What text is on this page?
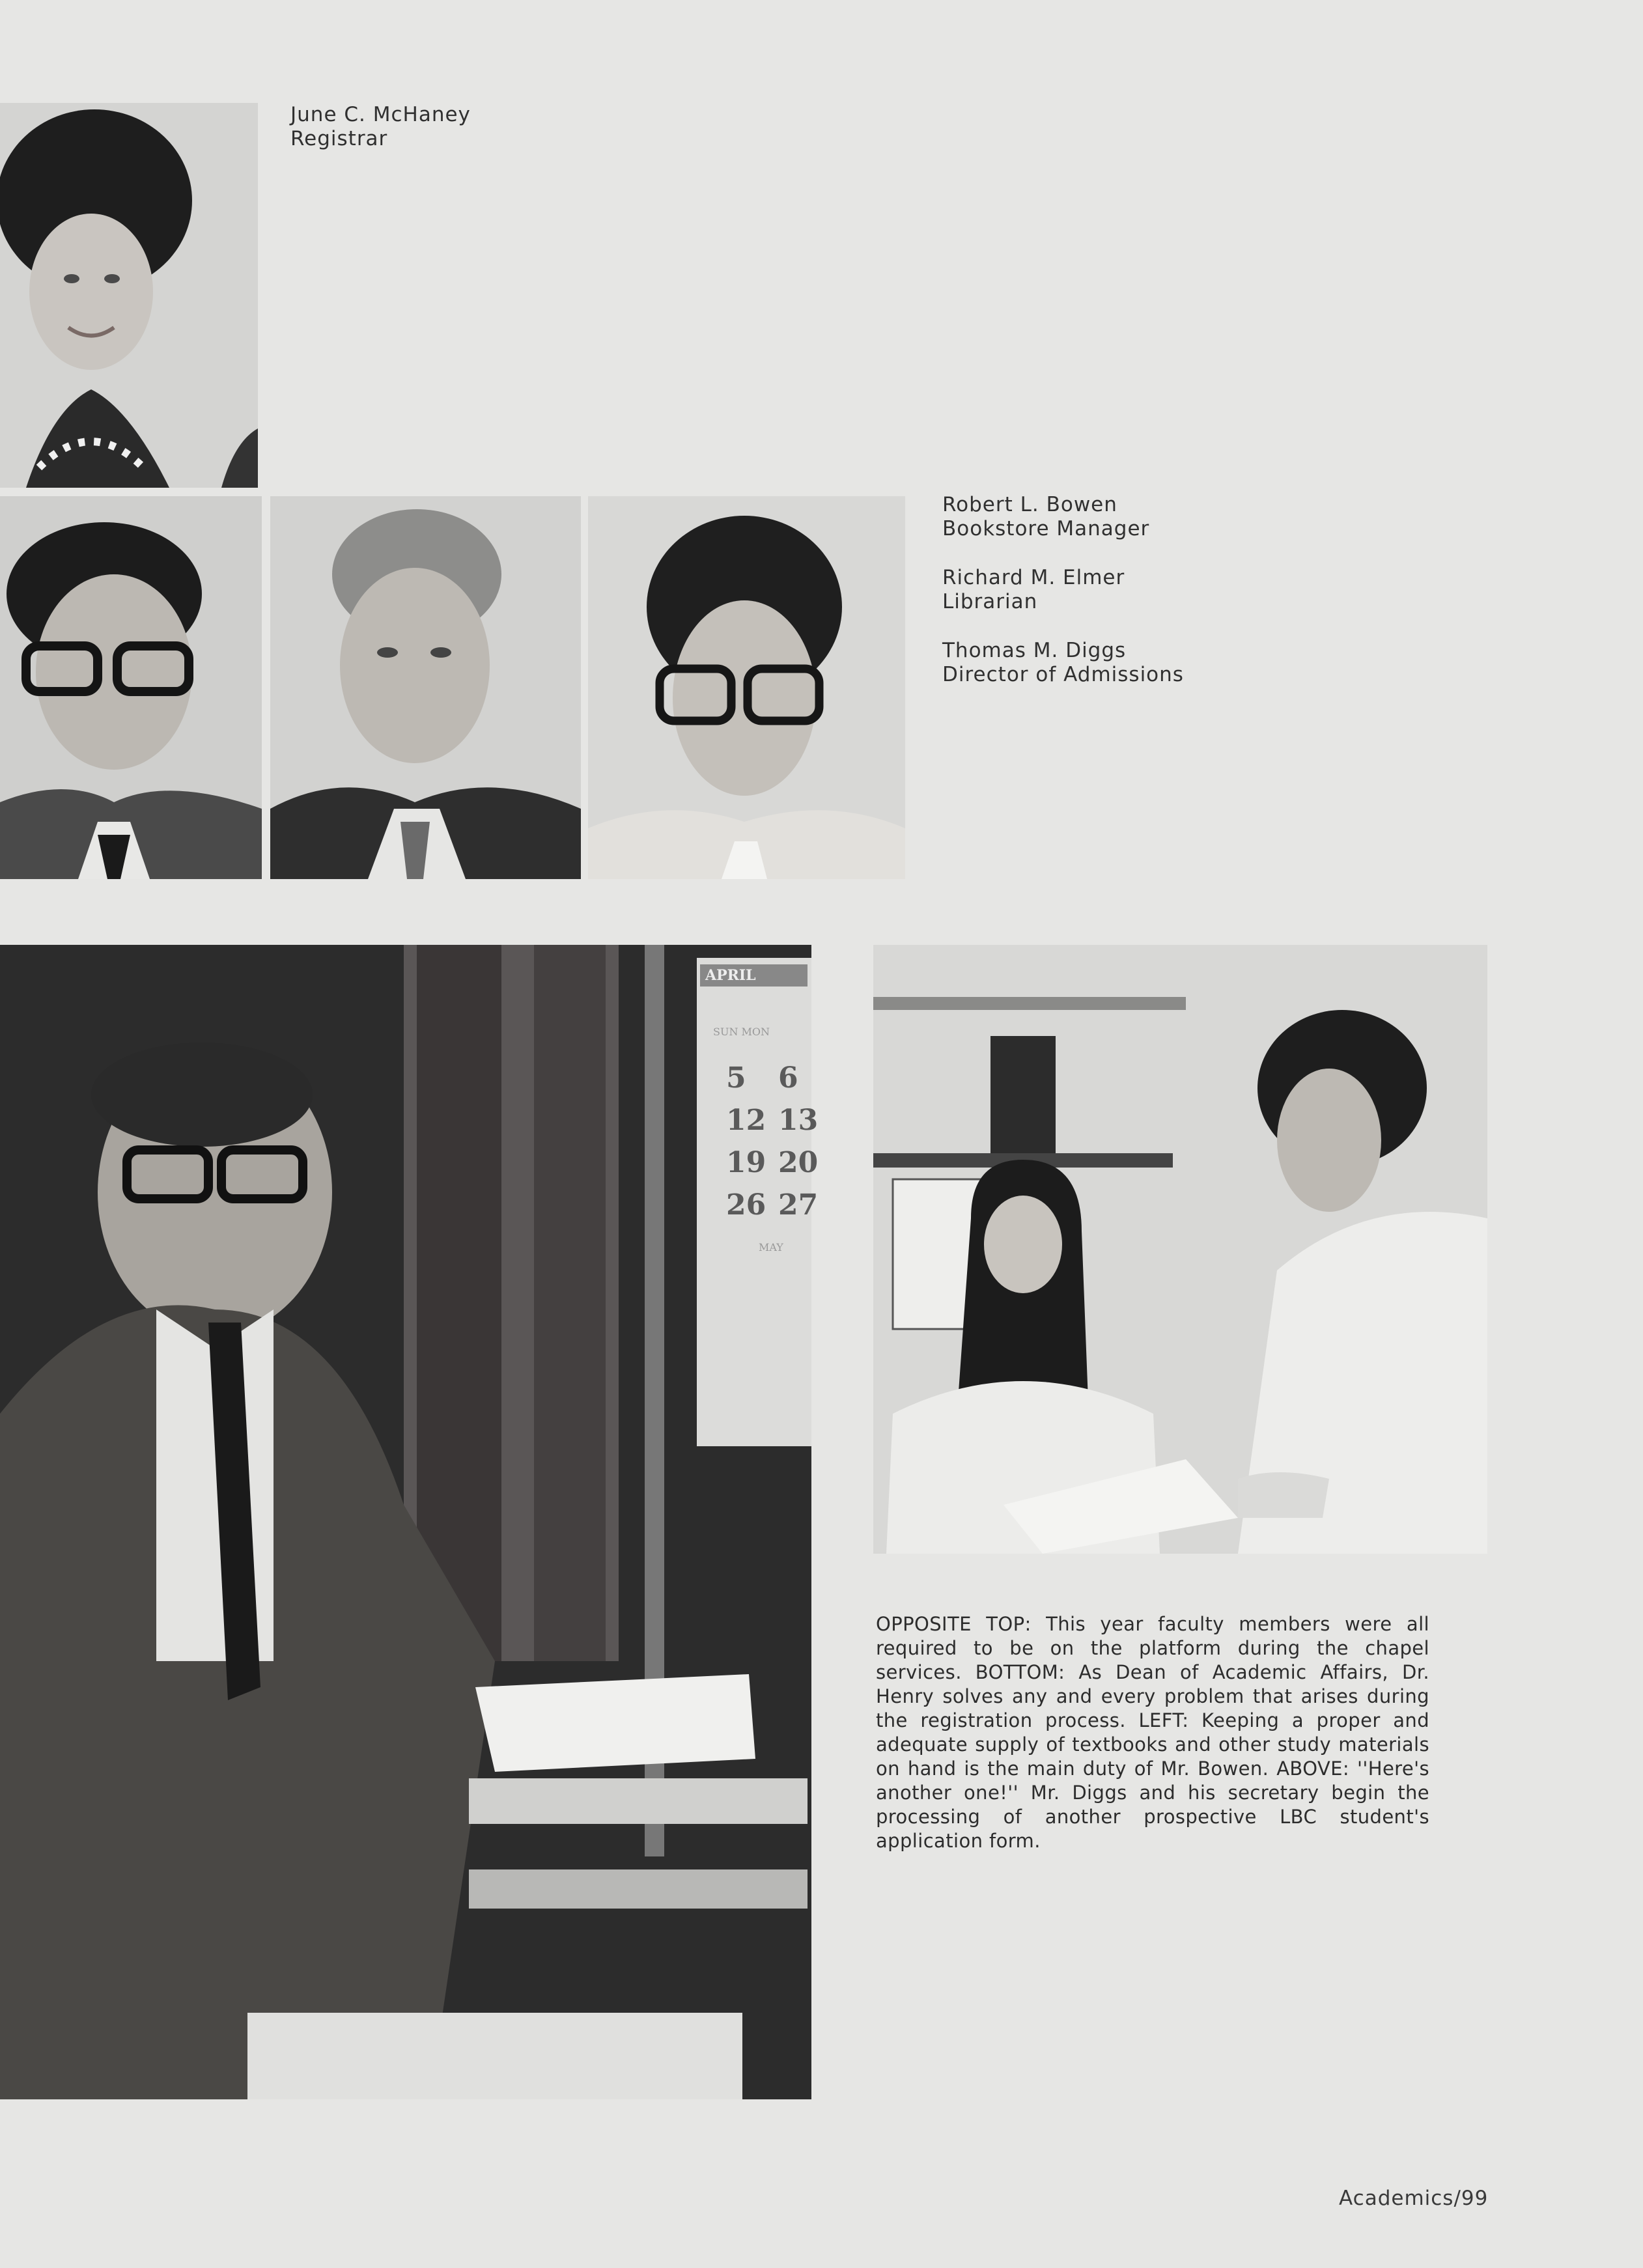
June C. McHaney
Registrar
Robert L. Bowen
Bookstore Manager
Richard M. Elmer
Librarian
Thomas M. Diggs
Director of Admissions
APRIL
SUN MON
5	6
12 13
19 20
26 27
MAY
OPPOSITE TOP: This year faculty members were all required to be on the platform during the chapel services. BOTTOM: As Dean of Academic Affairs, Dr. Henry solves any and every problem that arises during the registration process. LEFT: Keeping a proper and adequate supply of textbooks and other study materials on hand is the main duty of Mr. Bowen. ABOVE: ''Here's another one!'' Mr. Diggs and his secretary begin the processing of another prospective LBC student's application form.
Academics/99
